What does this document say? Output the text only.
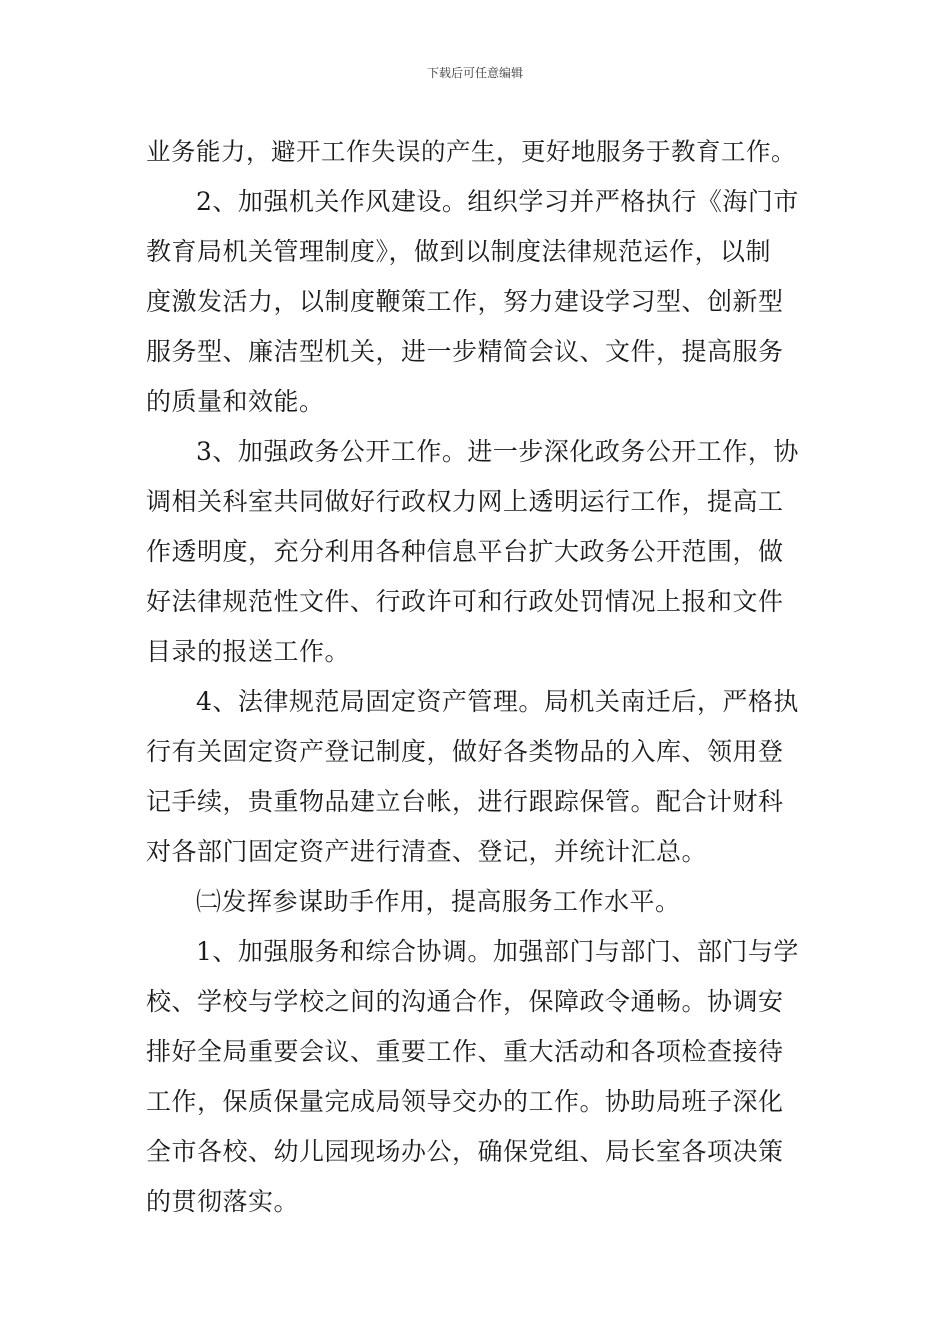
下载后可任意编辑
业务能力，避开工作失误的产生，更好地服务于教育工作。
2、加强机关作风建设。组织学习并严格执行《海门市
教育局机关管理制度》，做到以制度法律规范运作，以制
度激发活力，以制度鞭策工作，努力建设学习型、创新型
服务型、廉洁型机关，进一步精简会议、文件，提高服务
的质量和效能。
3、加强政务公开工作。进一步深化政务公开工作，协
调相关科室共同做好行政权力网上透明运行工作，提高工
作透明度，充分利用各种信息平台扩大政务公开范围，做
好法律规范性文件、行政许可和行政处罚情况上报和文件
目录的报送工作。
4、法律规范局固定资产管理。局机关南迁后，严格执
行有关固定资产登记制度，做好各类物品的入库、领用登
记手续，贵重物品建立台帐，进行跟踪保管。配合计财科
对各部门固定资产进行清查、登记，并统计汇总。
㈡发挥参谋助手作用，提高服务工作水平。
1、加强服务和综合协调。加强部门与部门、部门与学
校、学校与学校之间的沟通合作，保障政令通畅。协调安
排好全局重要会议、重要工作、重大活动和各项检查接待
工作，保质保量完成局领导交办的工作。协助局班子深化
全市各校、幼儿园现场办公，确保党组、局长室各项决策
的贯彻落实。
